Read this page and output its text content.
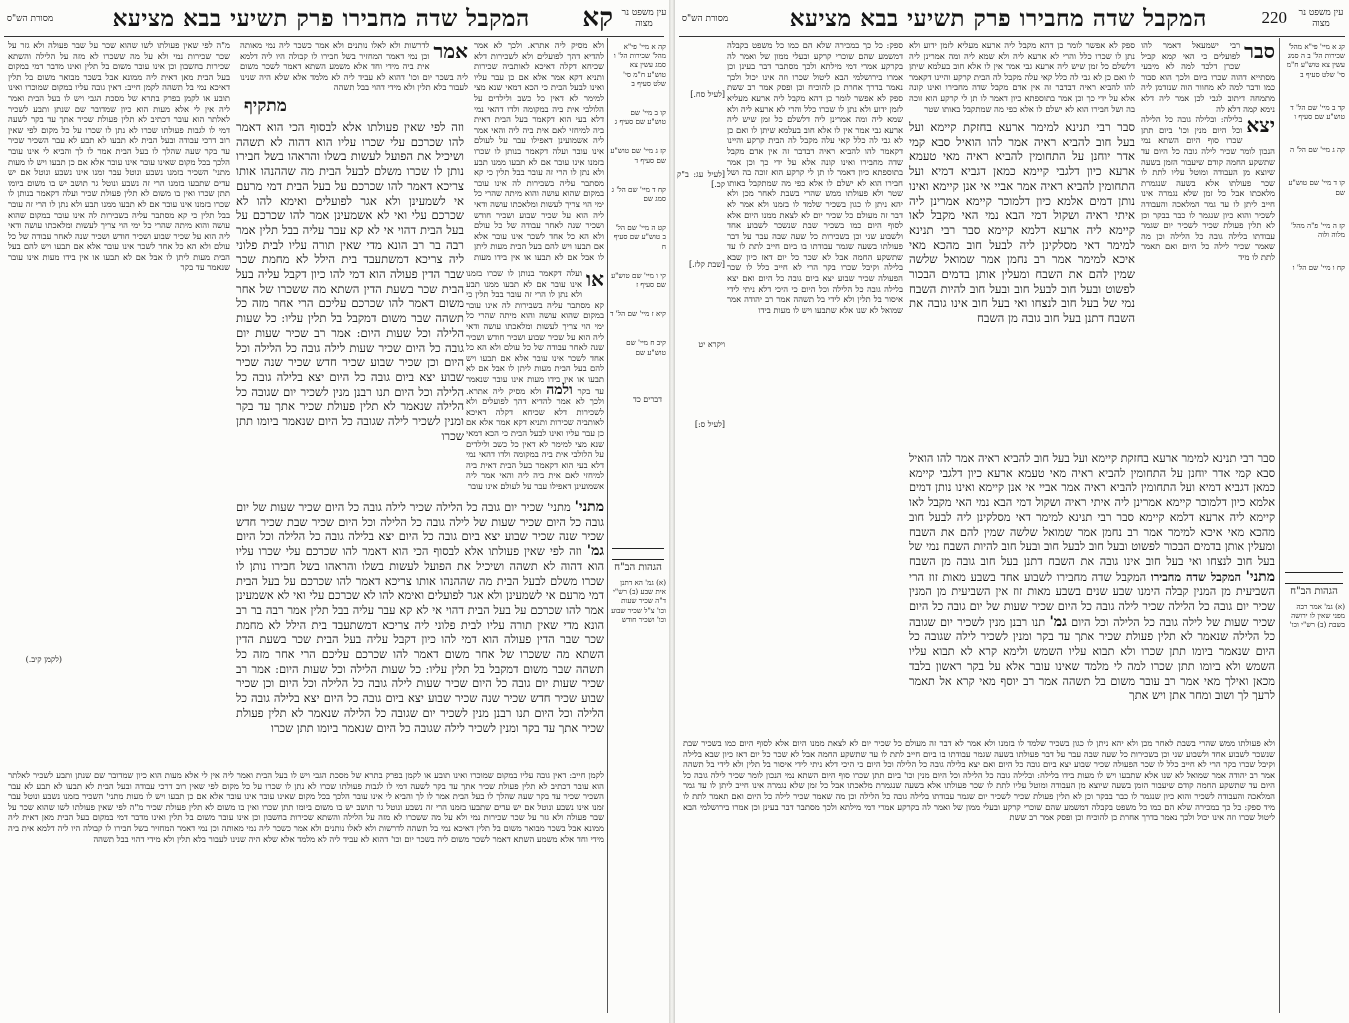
עין משפט נר מצוה
קא
המקבל שדה מחבירו פרק תשיעי בבא מציעא
מסורת הש"ס
קה א מיי' פי"א מהל' שכירות הל' ו סמג עשין צא טוש"ע ח"מ סי' שלט סעיף ב
קו ב מיי' שם טוש"ע שם סעיף ג
קז ג מיי' שם טוש"ע שם סעיף ד
קח ד מיי' שם הל' ג סמג שם
קט ה מיי' שם הל' ב טוש"ע שם סעיף ח
קי ו מיי' שם טוש"ע שם סעיף ז
קיא ז מיי' שם הל' ד
קיב ח מיי' שם טוש"ע שם
הגהות הב"ח
(א) גמ' הא דתנן אית שבע (ב) רש"י ד"ה שכיר שעות וכו' צ"ל שכיר שבוע וכו' ושכיר חודש
ולא מסיק ליה אתרא. ולכך לא אמר להדיא דהך לפועלים ולא לשכירות דלא שכיחא דקלה דאיכא לאותביה שכירות ותניא דקא אמר אלא אם כן עבר עליו ואינו לבעל הבית כי הכא דמאי שנא מצי למימר לא דאין כל כשב ולילדים על הלולבי אית ביה במקומה ולדו דהאי נמי דלא בעי הוא דקאמר בעל הבית דאית ביה למיחזי לאם אית ביה ליה והאי אמר ליה אשמועינן דאפילו עבר על לעולם אינו עובר ועלה דקאמר בנותן לו שכרו בזמנו אינו עובר אם לא תבעו ממנו תבע ולא נתן לו הרי זה עובר בבל תלין כי קא מסתבר עליה בשבירות לה אינו עובר במקום שהוא עושה והוא מיתה שהרי כל ימי הוי צריך לעשות ומלאכתו עושה ודאי ליה הוא על שכיר שבוע ושכיר חודש ושכיר שנה לאחר עבודה של כל עולם ולא הא כל אחד לשכר אינו עובר אלא אם תבעו ויש להם בעל הבית מעות ליתן לו אבל אם לא תבעו או אין בידו מעות
אמר
לדרשות ולא לאלו נותנים ולא אמר כשכר ליה נמי מאותה וכן נמי דאמר המחזיר בשל חבירו לו קבולה היו ליה דלמא אית ביה מידי וחד אלא משמע השתא דאמר לשכר משום ליה בשכר יום וכו' דהוא לא עביד ליה לא מלמד אלא שלא היה שנינו לעבור בלא תלין ולא מידי דהוי בבל תשהה
מתקיף
מ"ה לפי שאין פעולתו לשו שהוא שכר על שבר פעולה ולא גזר על שכר שכירות נמי ולא על מה ששכרו לא מזה על הלילה והשתא שכירות בחשבון וכן אינו עובר משום בל תלין ואינו מדבר דמי במקום בעל הבית מאן דאית ליה ממונא אבל בשכר מבואר משום בל תלין דאיכא נמי בל תשהה לקמן חייב: דאין גובה עליו במקום שמוכרו ואינו תובע או לקמן בפרק בתרא של מסכת הגבי ויש לו בעל הבית ואמר ליה אין לי אלא מעות הוא כיון שמדובר שם שנתן ותבע לשכיר לאלתר הוא עובר דכתיב לא תלין פעולת שכיר אתך עד בקר לשעה דמי לו לגבות פעולתו שכרו לא נתן לו שכרו על כל מקום לפי שאין רוב דרכי עבודה ובעל הבית לא תבעו לא תבע לא עבר השכיר שכיר עד בקר שעה שהלך לו בעל הבית אמר לו לך והביא לי אינו עובר הלכך בכל מקום שאינו עובר אינו עובר אלא אם כן תבעו ויש לו מעות מתני' השכיר בזמנו נשבע ונוטל עבר זמנו אינו נשבע ונוטל אם יש עדים שתבעו בזמנו הרי זה נשבע ונוטל גר תושב יש בו משום ביומו תתן שכרו ואין בו משום לא תלין פעולת שכיר ועלה דקאמר בנותן לו שכרו בזמנו אינו עובר אם לא תבעו ממנו תבע ולא נתן לו הרי זה עובר בבל תלין כי קא מסתבר עליה בשבירות לה אינו עובר במקום שהוא עושה והוא מיתה שהרי כל ימי הוי צריך לעשות ומלאכתו עושה ודאי ליה הוא על שכיר שבוע ושכיר חודש ושכיר שנה לאחר עבודה של כל עולם ולא הא כל אחד לשכר אינו עובר אלא אם תבעו ויש להם בעל הבית מעות ליתן לו אבל אם לא תבעו או אין בידו מעות אינו עובר שנאמר עד בקר
דברים כד
(לקמן קיב.)
או
ועלה דקאמר בנותן לו שכרו בזמנו אינו עובר אם לא תבעו ממנו תבע ולא נתן לו הרי זה עובר בבל תלין כי קא מסתבר עליה בשבירות לה אינו עובר במקום שהוא עושה והוא מיתה שהרי כל ימי הוי צריך לעשות ומלאכתו עושה ודאי ליה הוא על שכיר שבוע ושכיר חודש ושכיר שנה לאחר עבודה של כל עולם ולא הא כל אחד לשכר אינו עובר אלא אם תבעו ויש להם בעל הבית מעות ליתן לו אבל אם לא תבעו או אין בידו מעות אינו עובר שנאמר עד בקר ולמה ולא מסיק ליה אתרא. ולכך לא אמר להדיא דהך לפועלים ולא לשכירות דלא שכיחא דקלה דאיכא לאותביה שכירות ותניא דקא אמר אלא אם כן עבר עליו ואינו לבעל הבית כי הכא דמאי שנא מצי למימר לא דאין כל כשב ולילדים על הלולבי אית ביה במקומה ולדו דהאי נמי דלא בעי הוא דקאמר בעל הבית דאית ביה למיחזי לאם אית ביה ליה והאי אמר ליה אשמועינן דאפילו עבר על לעולם אינו עובר
וזה לפי שאין פעולתו אלא לבסוף הכי הוא דאמר להו שכרכם עלי שכרו עליו הוא דהוה לא תשהה ושיכיל את הפועל לעשות בשלו והראהו בשל חבירו נותן לו שכרו משלם לבעל הבית מה שההנהו אותו צריכא דאמר להו שכרכם על בעל הבית דמי מרעם אי לשמעינן ולא אגר לפועלים ואימא להו לא שכרכם עלי ואי לא אשמעינן אמר להו שכרכם על בעל הבית דהוי אי לא קא עבר עליה בבל תלין אמר רבה בר רב הונא מדי שאין תורה עליו לבית פלוני ליה צריכא דמשתעבד בית הילל לא מחמת שכר שבר הדין פעולה הוא דמי להו כיון דקבל עליה בעל הבית שכר בשעת הדין השתא מה ששכרו של אחר משום דאמר להו שכרכם עליכם הרי אחר מזה כל תשהה שבר משום דמקבל בל תלין עליו: כל שעות הלילה וכל שעות היום: אמר רב שכיר שעות יום גובה כל היום שכיר שעות לילה גובה כל הלילה וכל היום וכן שכיר שבוע שכיר חדש שכיר שנה שכיר שבוע יצא ביום גובה כל היום יצא בלילה גובה כל הלילה וכל היום תנו רבנן מנין לשכיר יום שגובה כל הלילה שנאמר לא תלין פעולת שכיר אתך עד בקר ומנין לשכיר לילה שגובה כל היום שנאמר ביומו תתן שכרו
מתני' מתני' שכיר יום גובה כל הלילה שכיר לילה גובה כל היום שכיר שעות של יום גובה כל היום שכיר שעות של לילה גובה כל הלילה וכל היום שכיר שבת שכיר חדש שכיר שנה שכיר שבוע יצא ביום גובה כל היום יצא בלילה גובה כל הלילה וכל היום גמ' וזה לפי שאין פעולתו אלא לבסוף הכי הוא דאמר להו שכרכם עלי שכרו עליו הוא דהוה לא תשהה ושיכיל את הפועל לעשות בשלו והראהו בשל חבירו נותן לו שכרו משלם לבעל הבית מה שההנהו אותו צריכא דאמר להו שכרכם על בעל הבית דמי מרעם אי לשמעינן ולא אגר לפועלים ואימא להו לא שכרכם עלי ואי לא אשמעינן אמר להו שכרכם על בעל הבית דהוי אי לא קא עבר עליה בבל תלין אמר רבה בר רב הונא מדי שאין תורה עליו לבית פלוני ליה צריכא דמשתעבד בית הילל לא מחמת שכר שבר הדין פעולה הוא דמי להו כיון דקבל עליה בעל הבית שכר בשעת הדין השתא מה ששכרו של אחר משום דאמר להו שכרכם עליכם הרי אחר מזה כל תשהה שבר משום דמקבל בל תלין עליו: כל שעות הלילה וכל שעות היום: אמר רב שכיר שעות יום גובה כל היום שכיר שעות לילה גובה כל הלילה וכל היום וכן שכיר שבוע שכיר חדש שכיר שנה שכיר שבוע יצא ביום גובה כל היום יצא בלילה גובה כל הלילה וכל היום תנו רבנן מנין לשכיר יום שגובה כל הלילה שנאמר לא תלין פעולת שכיר אתך עד בקר ומנין לשכיר לילה שגובה כל היום שנאמר ביומו תתן שכרו
לקמן חייב: דאין גובה עליו במקום שמוכרו ואינו תובע או לקמן בפרק בתרא של מסכת הגבי ויש לו בעל הבית ואמר ליה אין לי אלא מעות הוא כיון שמדובר שם שנתן ותבע לשכיר לאלתר הוא עובר דכתיב לא תלין פעולת שכיר אתך עד בקר לשעה דמי לו לגבות פעולתו שכרו לא נתן לו שכרו על כל מקום לפי שאין רוב דרכי עבודה ובעל הבית לא תבעו לא תבע לא עבר השכיר שכיר עד בקר שעה שהלך לו בעל הבית אמר לו לך והביא לי אינו עובר הלכך בכל מקום שאינו עובר אינו עובר אלא אם כן תבעו ויש לו מעות מתני' השכיר בזמנו נשבע ונוטל עבר זמנו אינו נשבע ונוטל אם יש עדים שתבעו בזמנו הרי זה נשבע ונוטל גר תושב יש בו משום ביומו תתן שכרו ואין בו משום לא תלין פעולת שכיר מ"ה לפי שאין פעולתו לשו שהוא שכר על שבר פעולה ולא גזר על שכר שכירות נמי ולא על מה ששכרו לא מזה על הלילה והשתא שכירות בחשבון וכן אינו עובר משום בל תלין ואינו מדבר דמי במקום בעל הבית מאן דאית ליה ממונא אבל בשכר מבואר משום בל תלין דאיכא נמי בל תשהה לדרשות ולא לאלו נותנים ולא אמר כשכר ליה נמי מאותה וכן נמי דאמר המחזיר בשל חבירו לו קבולה היו ליה דלמא אית ביה מידי וחד אלא משמע השתא דאמר לשכר משום ליה בשכר יום וכו' דהוא לא עביד ליה לא מלמד אלא שלא היה שנינו לעבור בלא תלין ולא מידי דהוי בבל תשהה
עין משפט נר מצוה
220
המקבל שדה מחבירו פרק תשיעי בבא מציעא
מסורת הש"ס
קג א מיי' פי"א מהל' שכירות הל' ב ה סמג עשין צא טוש"ע ח"מ סי' שלט סעיף ב
קד ב מיי' שם הל' ד טוש"ע שם סעיף ו
קה ג מיי' שם הל' ה
קו ד מיי' שם טוש"ע שם
קז ה מיי' פ"ה מהל' מלוה ולוה
קח ו מיי' שם הל' ו
הגהות הב"ח
(א) גמ' אמר רבה מפני שאין לו ירושה בשבת (ב) רש"י וכו'
סבר
רבי ישמעאל דאמר להו לפועלים כי האי קמא קביל שכרן דלכד למה לא מיבעי מסתייא דהוה שכרו ביום ולכך הוא סבור כמו ודבר למה לא מחוור הוה שנזדמן ליה מתמחה דיתוב לגבי לכן אמר ליה דלא נימא קמה דלא לה

יצא
בלילה: ובלילה גובה כל הלילה וכל היום מנין וכו' ביום תתן שכרו סוף היום השתא נמי הנכון לומר שכיר לילה גובה כל היום עד שתשקע החמה קודם שיעבור הזמן בשעה שיוצא מן העבודה ומוטל עליו לתת לו שכר פעולתו אלא בשעה שנגמרת מלאכתו אבל כל זמן שלא נגמרה אינו חייב ליתן לו עד גמר המלאכה והעבודה לשכיר והוא כיון שנגמר לו כבר בבקר וכן לא תלין פעולת שכיר לשכיר יום שגמר עבודתו בלילה גובה כל הלילה וכן מה שאמר שכיר לילה כל היום ואם תאמר לתת לו מיד
ספק: כל כך במכירה שלא הם כמו כל משפט בקבלה דמשמע שהם שוכרי קרקע ובעלי ממון של ואמר לה בקרקע אמרי דמי מילתא ולכך מסתבר דבר בעינן וכן אמרו בירושלמי הבא ליטול שכרו וזה אינו יכול ולכך נאמר בדרך אחרת כן להוכיח וכן ופסק אמר רב ששת ספק לא אפשר לומר כן דהא מקבל ליה ארעא מעליא לזמן ידוע ולא נתן לו שכרו כלל והרי לא ארעא ליה ולא שמא ליה ומה אמרינן ליה דלשלם כל זמן שיש ליה ארעא גבי אמר אין לו אלא חוב בעלמא שיתן לו ואם כן לא גבי לה כלל קאי עלה מקבל לה הבית קרקע והיינו דקאמר להו להביא ראיה דבדבר זה אין אדם מקבל שדה מחבירו ואינו קונה אלא על ידי כך וכן אמר בתוספתא כיון דאמר לו תן לי קרקע הוא זוכה בה ושל חבירו הוא לא ישלם לו אלא כפי מה שמתקבל באותו שטר ולא פעולתו ממש שהרי בשבת לאחר מכן ולא יהא ניתן לו כגון בשכיר שלמד לו בזמנו ולא אמר לא דבר זה מעולם כל שכיר יום לא לצאת ממנו היום אלא לסוף היום כמו בשכיר שבת שנשכר לשבוע אחד ולשבוע שני וכן בשכירות כל שעה שבה עבר על דבר פעולתו בשעה שגמר עבודתו בו ביום חייב לתת לו עד שתשקע החמה אבל לא שכר כל יום דאז כיון שבא בלילה וקיבל שכרו בקר הרי לא חייב כלל לו שכר הפעולה שכיר שבוע יצא ביום גובה כל היום ואם יצא בלילה גובה כל הלילה וכל היום כי היכי דלא ניתי לידי איסור בל תלין ולא לידי בל תשהה אמר רב יהודה אמר שמואל לא שנו אלא שתבעו ויש לו מעות בידו
[לעיל סח.]
[לעיל עג: ב"ק קכ.]
[שבת קלז.]
ויקרא יט
[לעיל ס:]
סבר רבי תנינא למימר ארעא בחזקת קיימא ועל בעל חוב להביא ראיה אמר להו הואיל סבא קמי אדר יוחנן על התחומין להביא ראיה מאי טעמא ארעא כיון דלגבי קיימא כמאן דגביא דמיא ועל התחומין להביא ראיה אמר אביי אי אנן קיימא ואינו נותן דמים אלמא כיון דלמוכר קיימא אמרינן ליה איתי ראיה ושקול דמי הבא נמי האי מקבל לאו קיימא ליה ארעא דלמא קיימא סבר רבי תנינא למימר דאי מסלקינן ליה לבעל חוב מהכא מאי איכא למימר אמר רב נחמן אמר שמואל שלשה שמין להם את השבח ומעלין אותן בדמים הבכור לפשוט ובעל חוב לבעל חוב ובעל חוב להיות השבח נמי של בעל חוב לנצחו ואי בעל חוב אינו גובה את השבח דתנן בעל חוב גובה מן השבח
סבר רבי תנינא למימר ארעא בחזקת קיימא ועל בעל חוב להביא ראיה אמר להו הואיל סבא קמי אדר יוחנן על התחומין להביא ראיה מאי טעמא ארעא כיון דלגבי קיימא כמאן דגביא דמיא ועל התחומין להביא ראיה אמר אביי אי אנן קיימא ואינו נותן דמים אלמא כיון דלמוכר קיימא אמרינן ליה איתי ראיה ושקול דמי הבא נמי האי מקבל לאו קיימא ליה ארעא דלמא קיימא סבר רבי תנינא למימר דאי מסלקינן ליה לבעל חוב מהכא מאי איכא למימר אמר רב נחמן אמר שמואל שלשה שמין להם את השבח ומעלין אותן בדמים הבכור לפשוט ובעל חוב לבעל חוב ובעל חוב להיות השבח נמי של בעל חוב לנצחו ואי בעל חוב אינו גובה את השבח דתנן בעל חוב גובה מן השבח מתני' המקבל שדה מחבירו המקבל שדה מחבירו לשבוע אחד בשבע מאות זוז הרי השביעית מן המנין קבלה הימנו שבע שנים בשבע מאות זוז אין השביעית מן המנין שכיר יום גובה כל הלילה שכיר לילה גובה כל היום שכיר שעות של יום גובה כל היום שכיר שעות של לילה גובה כל הלילה וכל היום גמ' תנו רבנן מנין לשכיר יום שגובה כל הלילה שנאמר לא תלין פעולת שכיר אתך עד בקר ומנין לשכיר לילה שגובה כל היום שנאמר ביומו תתן שכרו ולא תבוא עליו השמש ולימא קרא לא תבוא עליו השמש ולא ביומו תתן שכרו למה לי מלמד שאינו עובר אלא על בקר ראשון בלבד מכאן ואילך מאי אמר רב עובר משום בל תשהה אמר רב יוסף מאי קרא אל תאמר לרעך לך ושוב ומחר אתן ויש אתך
ספק לא אפשר לומר כן דהא מקבל ליה ארעא מעליא לזמן ידוע ולא נתן לו שכרו כלל והרי לא ארעא ליה ולא שמא ליה ומה אמרינן ליה דלשלם כל זמן שיש ליה ארעא גבי אמר אין לו אלא חוב בעלמא שיתן לו ואם כן לא גבי לה כלל קאי עלה מקבל לה הבית קרקע והיינו דקאמר להו להביא ראיה דבדבר זה אין אדם מקבל שדה מחבירו ואינו קונה אלא על ידי כך וכן אמר בתוספתא כיון דאמר לו תן לי קרקע הוא זוכה בה ושל חבירו הוא לא ישלם לו אלא כפי מה שמתקבל באותו שטר
ולא פעולתו ממש שהרי בשבת לאחר מכן ולא יהא ניתן לו כגון בשכיר שלמד לו בזמנו ולא אמר לא דבר זה מעולם כל שכיר יום לא לצאת ממנו היום אלא לסוף היום כמו בשכיר שבת שנשכר לשבוע אחד ולשבוע שני וכן בשכירות כל שעה שבה עבר על דבר פעולתו בשעה שגמר עבודתו בו ביום חייב לתת לו עד שתשקע החמה אבל לא שכר כל יום דאז כיון שבא בלילה וקיבל שכרו בקר הרי לא חייב כלל לו שכר הפעולה שכיר שבוע יצא ביום גובה כל היום ואם יצא בלילה גובה כל הלילה וכל היום כי היכי דלא ניתי לידי איסור בל תלין ולא לידי בל תשהה אמר רב יהודה אמר שמואל לא שנו אלא שתבעו ויש לו מעות בידו בלילה: ובלילה גובה כל הלילה וכל היום מנין וכו' ביום תתן שכרו סוף היום השתא נמי הנכון לומר שכיר לילה גובה כל היום עד שתשקע החמה קודם שיעבור הזמן בשעה שיוצא מן העבודה ומוטל עליו לתת לו שכר פעולתו אלא בשעה שנגמרת מלאכתו אבל כל זמן שלא נגמרה אינו חייב ליתן לו עד גמר המלאכה והעבודה לשכיר והוא כיון שנגמר לו כבר בבקר וכן לא תלין פעולת שכיר לשכיר יום שגמר עבודתו בלילה גובה כל הלילה וכן מה שאמר שכיר לילה כל היום ואם תאמר לתת לו מיד ספק: כל כך במכירה שלא הם כמו כל משפט בקבלה דמשמע שהם שוכרי קרקע ובעלי ממון של ואמר לה בקרקע אמרי דמי מילתא ולכך מסתבר דבר בעינן וכן אמרו בירושלמי הבא ליטול שכרו וזה אינו יכול ולכך נאמר בדרך אחרת כן להוכיח וכן ופסק אמר רב ששת
